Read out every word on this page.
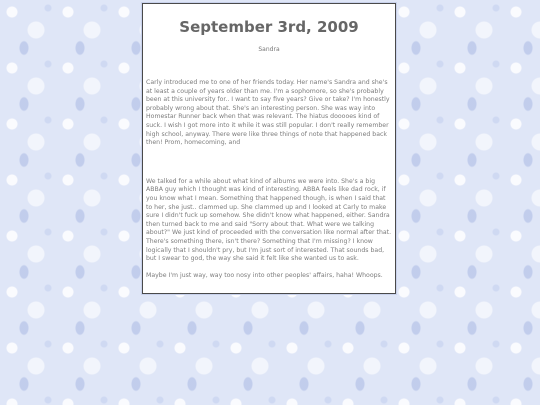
September 3rd, 2009
Sandra

Carly introduced me to one of her friends today. Her name's Sandra and she's at least a couple of years older than me. I'm a sophomore, so she's probably been at this university for.. I want to say five years? Give or take? I'm honestly probably wrong about that. She's an interesting person. She was way into Homestar Runner back when that was relevant. The hiatus dooooes kind of suck. I wish I got more into it while it was still popular. I don't really remember high school, anyway. There were like three things of note that happened back then! Prom, homecoming, and

We talked for a while about what kind of albums we were into. She's a big ABBA guy which I thought was kind of interesting. ABBA feels like dad rock, if you know what I mean. Something that happened though, is when I said that to her, she just.. clammed up. She clammed up and I looked at Carly to make sure I didn't fuck up somehow. She didn't know what happened, either. Sandra then turned back to me and said "Sorry about that. What were we talking about?" We just kind of proceeded with the conversation like normal after that. There's something there, isn't there? Something that I'm missing? I know logically that I shouldn't pry, but I'm just sort of interested. That sounds bad, but I swear to god, the way she said it felt like she wanted us to ask.

Maybe I'm just way, way too nosy into other peoples' affairs, haha! Whoops.
